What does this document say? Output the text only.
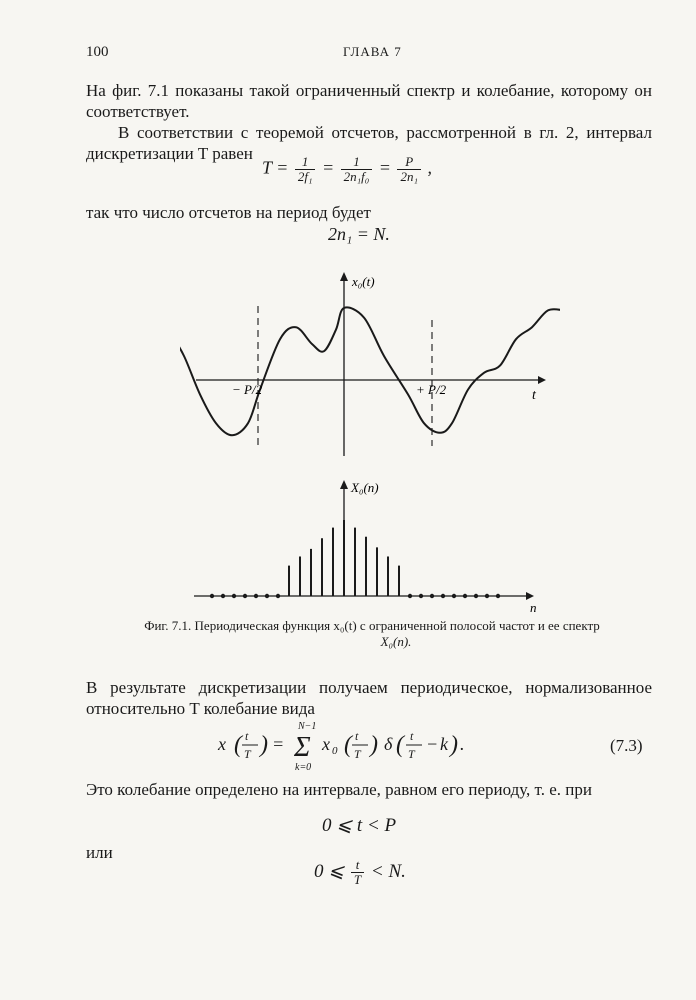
100	ГЛАВА 7
На фиг. 7.1 показаны такой ограниченный спектр и колебание, которому он соответствует.
В соответствии с теоремой отсчетов, рассмотренной в гл. 2, интервал дискретизации T равен
$T = \frac{1}{\text{2f₁}} = \frac{1}{\text{2n₁f₀}} = \frac{P}{\text{2n₁}}$ ,
так что число отсчетов на период будет
2n₁ = N.
x₀(t)
t
− P/2	+ P/2
X₀(n)
n
Фиг. 7.1. Периодическая функция x₀(t) с ограниченной полосой частот и ее спектр
X₀(n).
В результате дискретизации получаем периодическое, нормализованное относительно T колебание вида
x ( t
T ) =
N−1
Σ
k=0
x 0 ( t
T ) δ ( t
T − k ) .	(7.3)
Это колебание определено на интервале, равном его периоду, т. е. при
0 ⩽ t < P
или
0 ⩽ $\frac{t}{T} < N$.
